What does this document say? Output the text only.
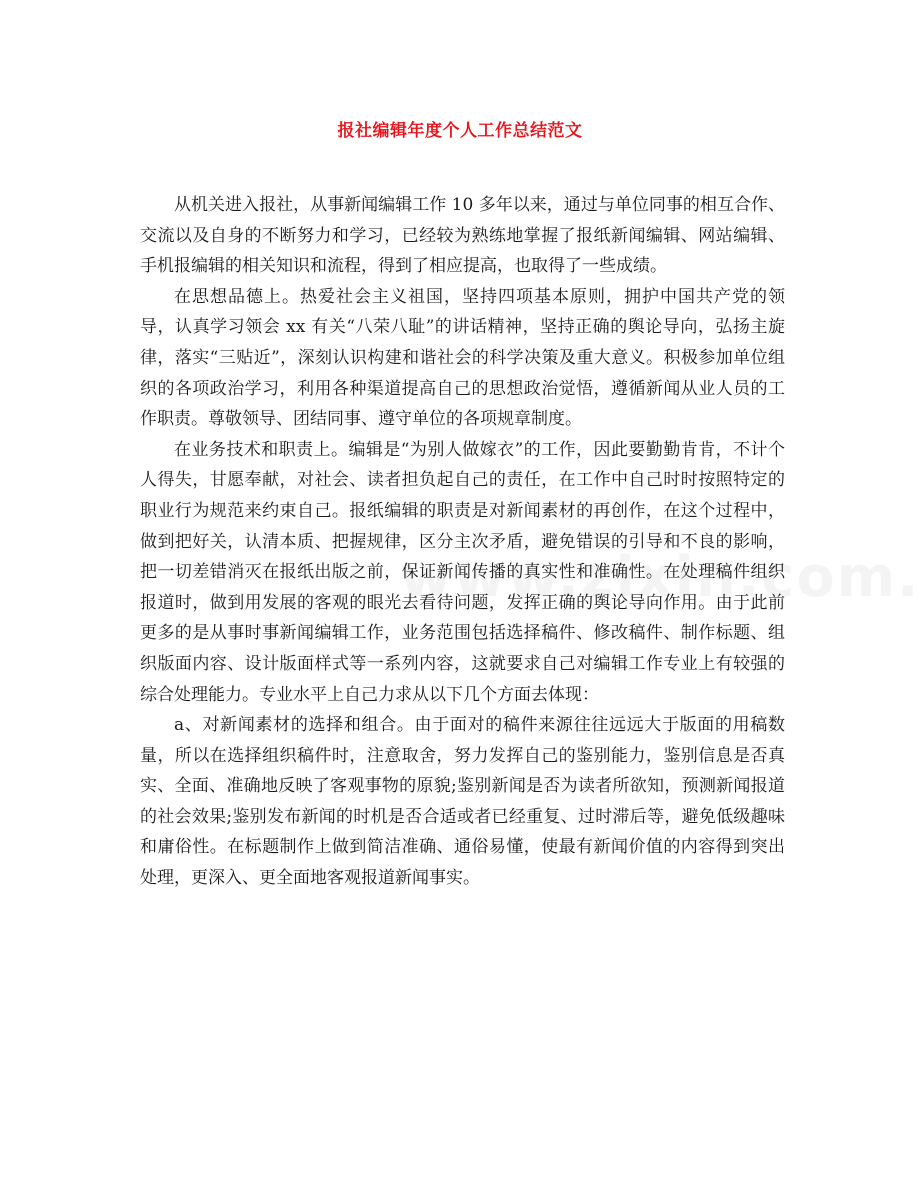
报社编辑年度个人工作总结范文

从机关进入报社，从事新闻编辑工作 10 多年以来，通过与单位同事的相互合作、交流以及自身的不断努力和学习，已经较为熟练地掌握了报纸新闻编辑、网站编辑、手机报编辑的相关知识和流程，得到了相应提高，也取得了一些成绩。

在思想品德上。热爱社会主义祖国，坚持四项基本原则，拥护中国共产党的领导，认真学习领会 xx 有关“八荣八耻”的讲话精神，坚持正确的舆论导向，弘扬主旋律，落实“三贴近”，深刻认识构建和谐社会的科学决策及重大意义。积极参加单位组织的各项政治学习，利用各种渠道提高自己的思想政治觉悟，遵循新闻从业人员的工作职责。尊敬领导、团结同事、遵守单位的各项规章制度。

在业务技术和职责上。编辑是“为别人做嫁衣”的工作，因此要勤勤肯肯，不计个人得失，甘愿奉献，对社会、读者担负起自己的责任，在工作中自己时时按照特定的职业行为规范来约束自己。报纸编辑的职责是对新闻素材的再创作，在这个过程中，做到把好关，认清本质、把握规律，区分主次矛盾，避免错误的引导和不良的影响，把一切差错消灭在报纸出版之前，保证新闻传播的真实性和准确性。在处理稿件组织报道时，做到用发展的客观的眼光去看待问题，发挥正确的舆论导向作用。由于此前更多的是从事时事新闻编辑工作，业务范围包括选择稿件、修改稿件、制作标题、组织版面内容、设计版面样式等一系列内容，这就要求自己对编辑工作专业上有较强的综合处理能力。专业水平上自己力求从以下几个方面去体现：

a、对新闻素材的选择和组合。由于面对的稿件来源往往远远大于版面的用稿数量，所以在选择组织稿件时，注意取舍，努力发挥自己的鉴别能力，鉴别信息是否真实、全面、准确地反映了客观事物的原貌;鉴别新闻是否为读者所欲知，预测新闻报道的社会效果;鉴别发布新闻的时机是否合适或者已经重复、过时滞后等，避免低级趣味和庸俗性。在标题制作上做到简洁准确、通俗易懂，使最有新闻价值的内容得到突出处理，更深入、更全面地客观报道新闻事实。
